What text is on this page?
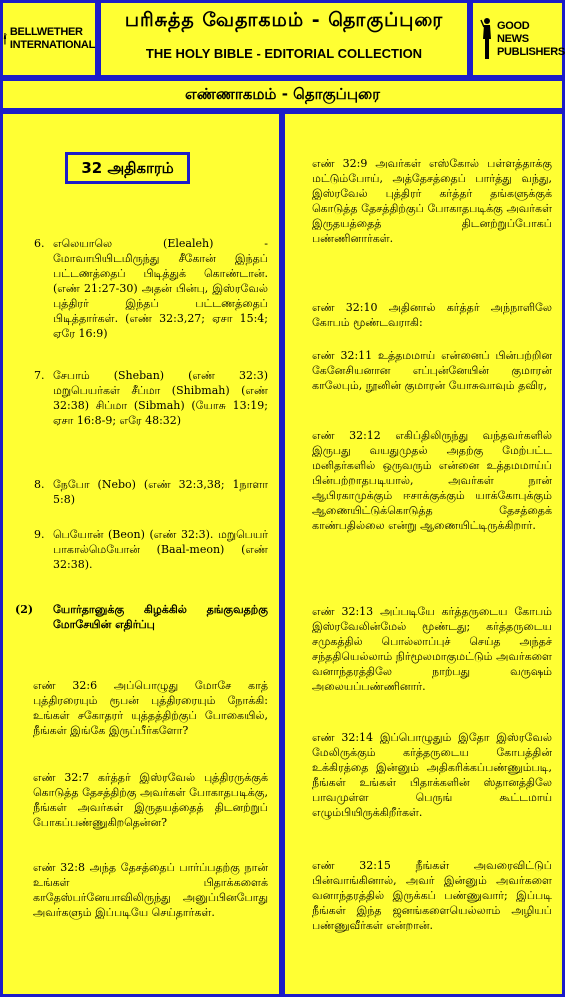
BELLWETHER INTERNATIONAL
பரிசுத்த வேதாகமம் - தொகுப்புரை
THE HOLY BIBLE - EDITORIAL COLLECTION
GOOD NEWS PUBLISHERS
எண்ணாகமம் - தொகுப்புரை
32 அதிகாரம்
6. எலெயாலெ (Elealeh) - மோவாபியிடமிருந்து சீகோன் இந்தப் பட்டணத்தைப் பிடித்துக் கொண்டான். (எண் 21:27-30) அதன் பின்பு, இஸ்ரவேல் புத்திரர் இந்தப் பட்டணத்தைப் பிடித்தார்கள். (எண் 32:3,27; ஏசா 15:4; ஏரே 16:9)
7. சேபாம் (Sheban) (எண் 32:3) மறுபெயர்கள் சீப்மா (Shibmah) (எண் 32:38) சிப்மா (Sibmah) (யோசு 13:19; ஏசா 16:8-9; எரே 48:32)
8. நேபோ (Nebo) (எண் 32:3,38; 1நாளா 5:8)
9. பெயோன் (Beon) (எண் 32:3). மறுபெயர் பாகால்மெயோன் (Baal-meon) (எண் 32:38).
(2) யோர்தானுக்கு கிழக்கில் தங்குவதற்கு மோசேயின் எதிர்ப்பு
எண் 32:6 அப்பொழுது மோசே காத் புத்திரரையும் ரூபன் புத்திரரையும் நோக்கி: உங்கள் சகோதரர் யுத்தத்திற்குப் போகையில், நீங்கள் இங்கே இருப்பீர்களோ?
எண் 32:7 கர்த்தர் இஸ்ரவேல் புத்திரருக்குக் கொடுத்த தேசத்திற்கு அவர்கள் போகாதபடிக்கு, நீங்கள் அவர்கள் இருதயத்தைத் திடனற்றுப் போகப்பண்ணுகிறதென்ன?
எண் 32:8 அந்த தேசத்தைப் பார்ப்பதற்கு நான் உங்கள் பிதாக்களைக் காதேஸ்பர்னேயாவிலிருந்து அனுப்பினபோது அவர்களும் இப்படியே செய்தார்கள்.
எண் 32:9 அவர்கள் எஸ்கோல் பள்ளத்தாக்கு மட்டும்போய், அத்தேசத்தைப் பார்த்து வந்து, இஸ்ரவேல் புத்திரர் கர்த்தர் தங்களுக்குக் கொடுத்த தேசத்திற்குப் போகாதபடிக்கு அவர்கள் இருதயத்தைத் திடனற்றுப்போகப் பண்ணினார்கள்.
எண் 32:10 அதினால் கர்த்தர் அந்நாளிலே கோபம் மூண்டவராகி:
எண் 32:11 உத்தமமாய் என்னைப் பின்பற்றின கேனேசியனான எப்புன்னேயின் குமாரன் காலேபும், நூனின் குமாரன் யோசுவாவும் தவிர,
எண் 32:12 எகிப்திலிருந்து வந்தவர்களில் இருபது வயதுமுதல் அதற்கு மேற்பட்ட மனிதர்களில் ஒருவரும் என்னை உத்தமமாய்ப் பின்பற்றாதபடியால், அவர்கள் நான் ஆபிரகாமுக்கும் ஈசாக்குக்கும் யாக்கோபுக்கும் ஆணையிட்டுக்கொடுத்த தேசத்தைக் காண்பதில்லை என்று ஆணையிட்டிருக்கிறார்.
எண் 32:13 அப்படியே கர்த்தருடைய கோபம் இஸ்ரவேலின்மேல் மூண்டது; கர்த்தருடைய சமுகத்தில் பொல்லாப்புச் செய்த அந்தச் சந்ததியெல்லாம் நிர்மூலமாகுமட்டும் அவர்களை வனாந்தரத்திலே நாற்பது வருஷம் அலையப்பண்ணினார்.
எண் 32:14 இப்பொழுதும் இதோ இஸ்ரவேல் மேலிருக்கும் கர்த்தருடைய கோபத்தின் உக்கிரத்தை இன்னும் அதிகரிக்கப்பண்ணும்படி, நீங்கள் உங்கள் பிதாக்களின் ஸ்தானத்திலே பாவமுள்ள பெருங் கூட்டமாய் எழும்பியிருக்கிறீர்கள்.
எண் 32:15 நீங்கள் அவரைவிட்டுப் பின்வாங்கினால், அவர் இன்னும் அவர்களை வனாந்தரத்தில் இருக்கப் பண்ணுவார்; இப்படி நீங்கள் இந்த ஜனங்களையெல்லாம் அழியப் பண்ணுவீர்கள் என்றான்.
